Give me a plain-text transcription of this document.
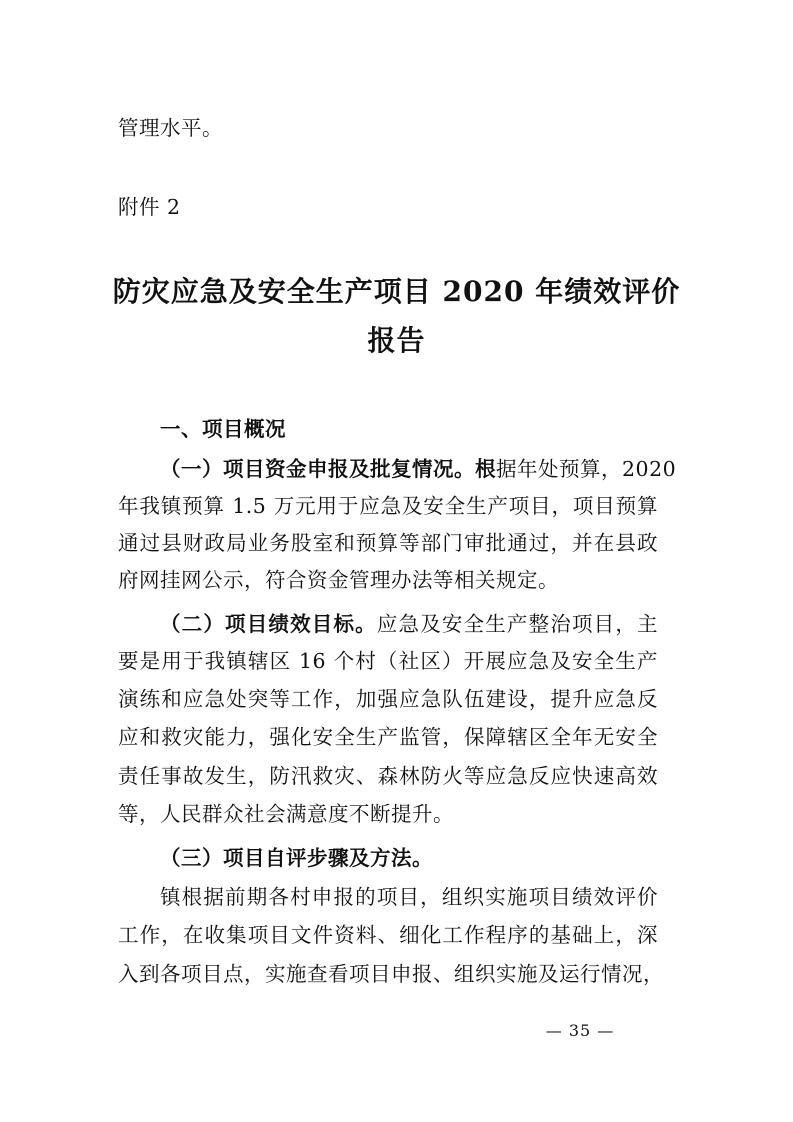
管理水平。
附件 2
防灾应急及安全生产项目 2020 年绩效评价
报告
一、项目概况
（一）项目资金申报及批复情况。根据年处预算，2020
年我镇预算 1.5 万元用于应急及安全生产项目，项目预算
通过县财政局业务股室和预算等部门审批通过，并在县政
府网挂网公示，符合资金管理办法等相关规定。
（二）项目绩效目标。应急及安全生产整治项目，主
要是用于我镇辖区 16 个村（社区）开展应急及安全生产
演练和应急处突等工作，加强应急队伍建设，提升应急反
应和救灾能力，强化安全生产监管，保障辖区全年无安全
责任事故发生，防汛救灾、森林防火等应急反应快速高效
等，人民群众社会满意度不断提升。
（三）项目自评步骤及方法。
镇根据前期各村申报的项目，组织实施项目绩效评价
工作，在收集项目文件资料、细化工作程序的基础上，深
入到各项目点，实施查看项目申报、组织实施及运行情况，
— 35 —
